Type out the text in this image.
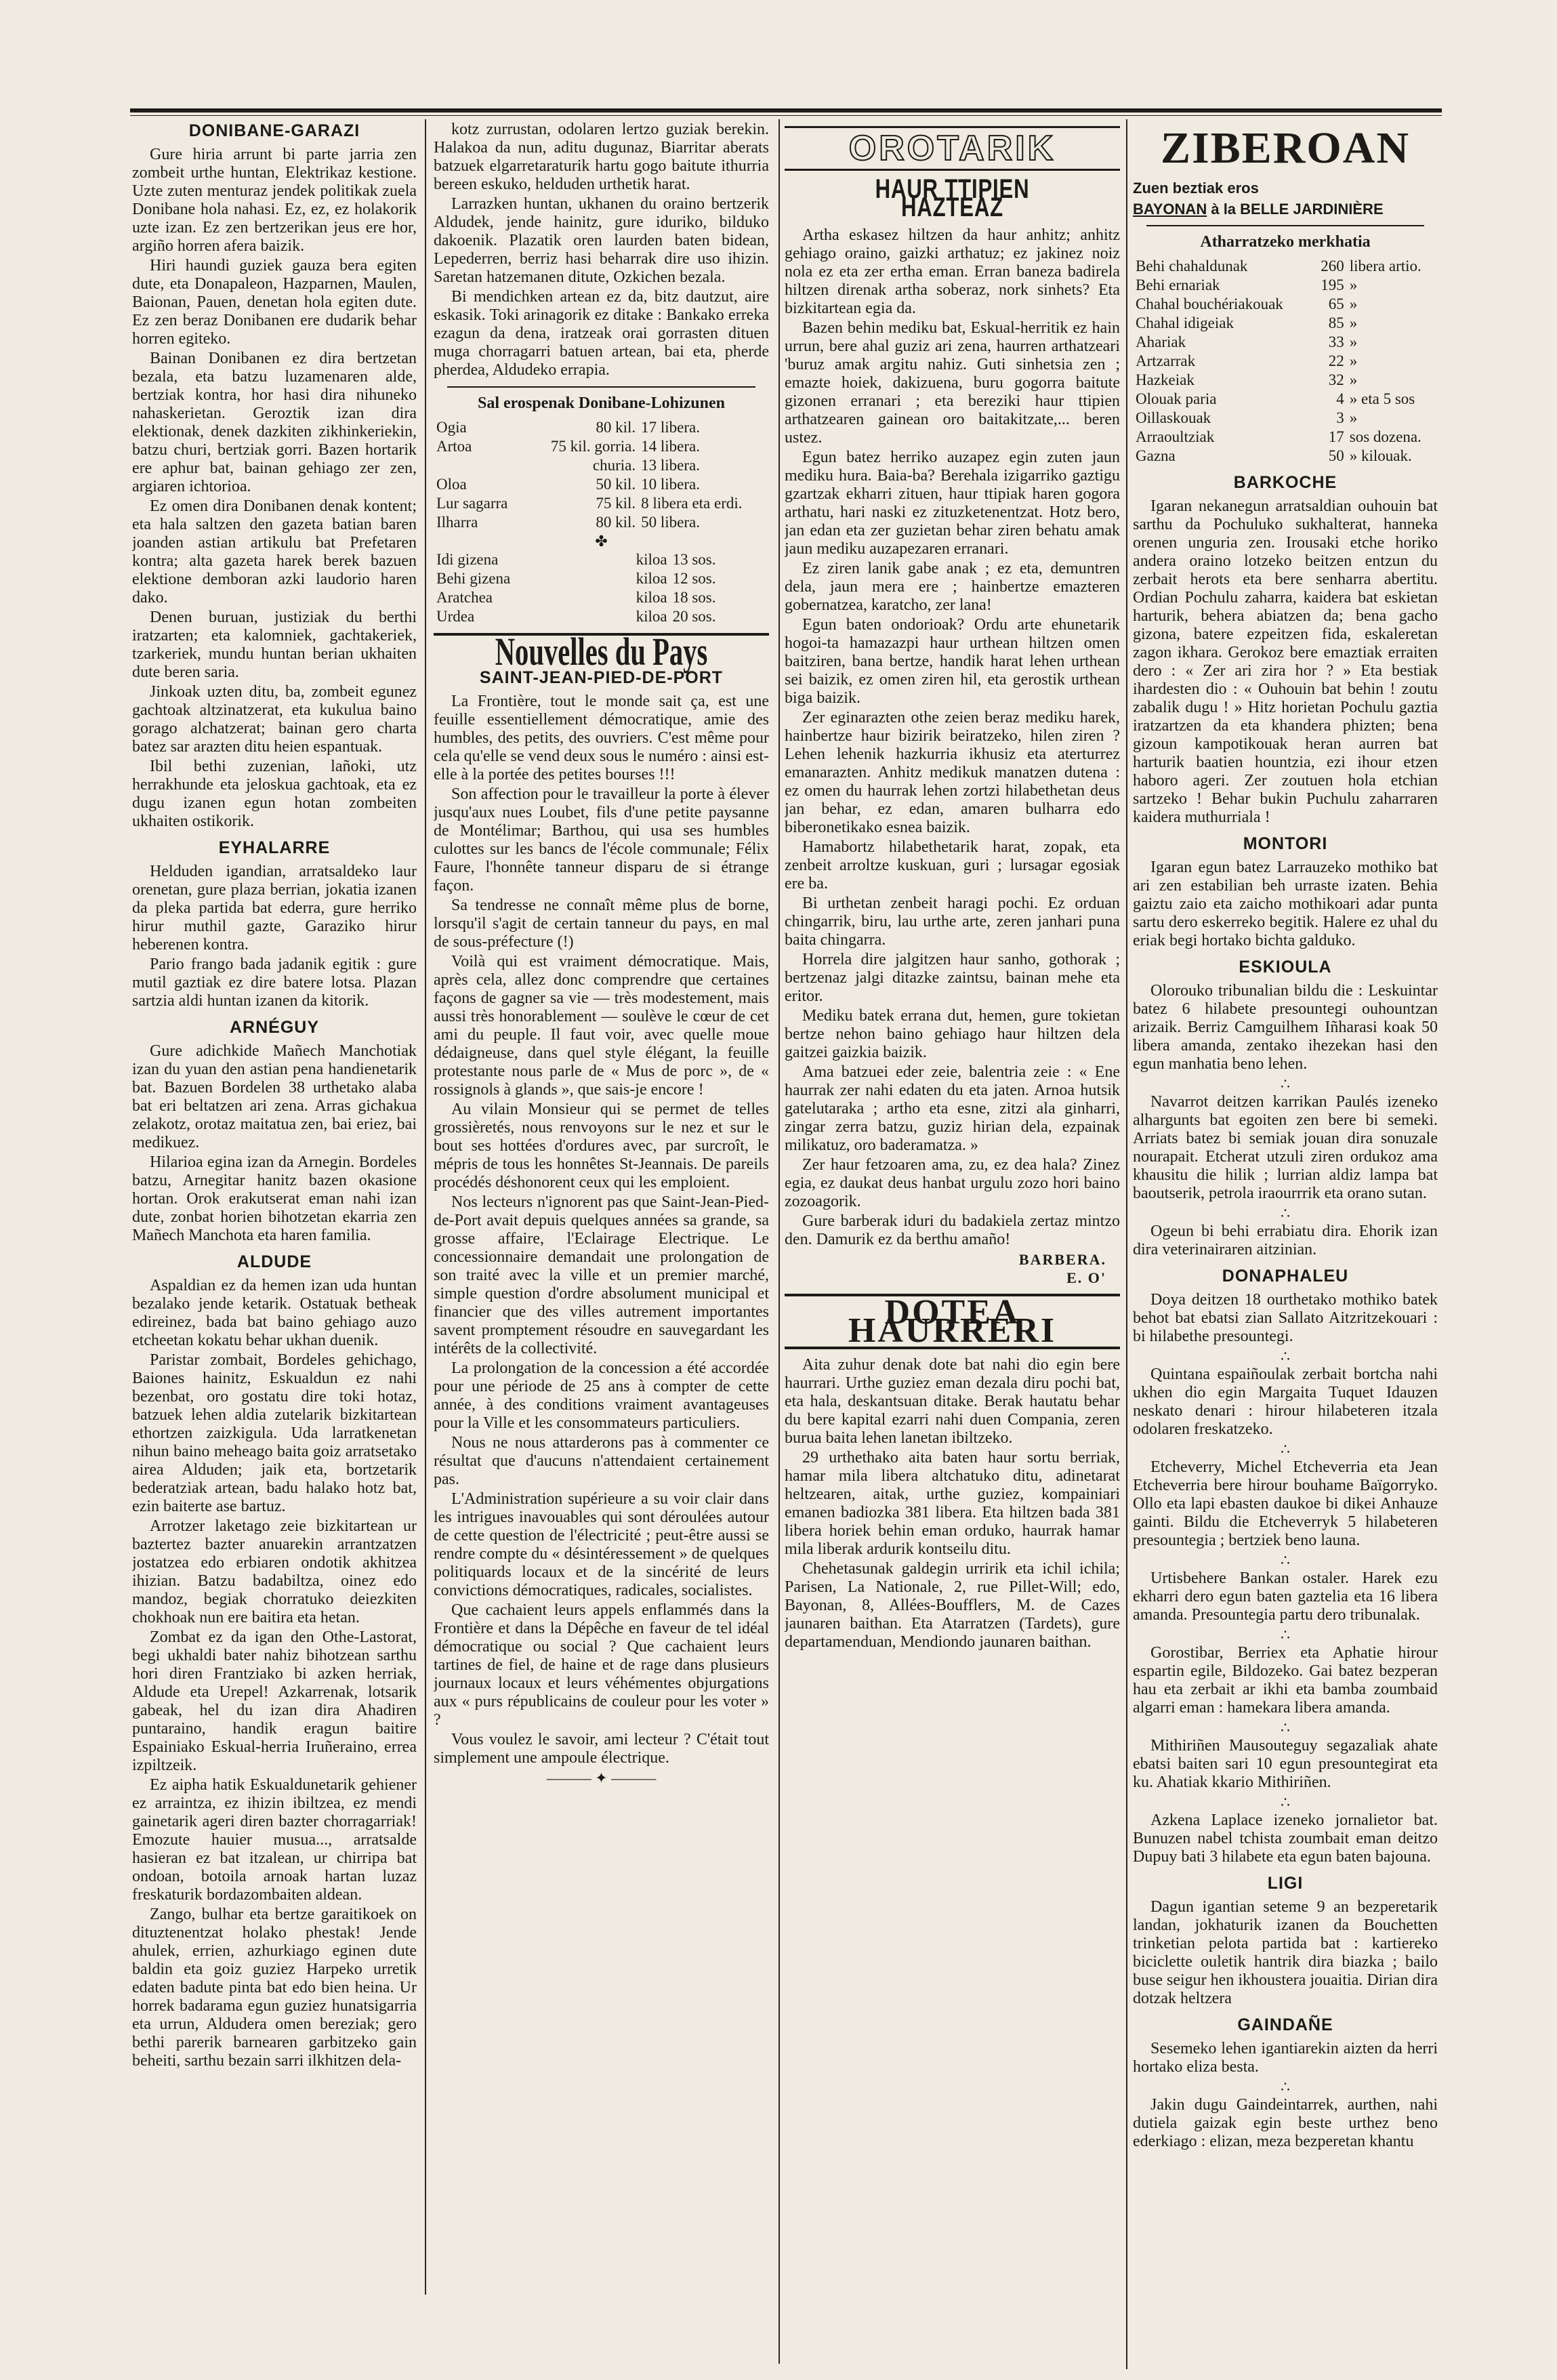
DONIBANE-GARAZI

Gure hiria arrunt bi parte jarria zen zombeit urthe huntan, Elektrikaz kestione. Uzte zuten menturaz jendek politikak zuela Donibane hola nahasi. Ez, ez, ez holakorik uzte izan. Ez zen bertzerikan jeus ere hor, argiño horren afera baizik.

Hiri haundi guziek gauza bera egiten dute, eta Donapaleon, Hazparnen, Maulen, Baionan, Pauen, denetan hola egiten dute. Ez zen beraz Donibanen ere dudarik behar horren egiteko.

Bainan Donibanen ez dira bertzetan bezala, eta batzu luzamenaren alde, bertziak kontra, hor hasi dira nihuneko nahaskerietan. Geroztik izan dira elektionak, denek dazkiten zikhinkeriekin, batzu churi, bertziak gorri. Bazen hortarik ere aphur bat, bainan gehiago zer zen, argiaren ichtorioa.

Ez omen dira Donibanen denak kontent; eta hala saltzen den gazeta batian baren joanden astian artikulu bat Prefetaren kontra; alta gazeta harek berek bazuen elektione demboran azki laudorio haren dako.

Denen buruan, justiziak du berthi iratzarten; eta kalomniek, gachtakeriek, tzarkeriek, mundu huntan berian ukhaiten dute beren saria.

Jinkoak uzten ditu, ba, zombeit egunez gachtoak altzinatzerat, eta kukulua baino gorago alchatzerat; bainan gero charta batez sar arazten ditu heien espantuak.

Ibil bethi zuzenian, lañoki, utz herrakhunde eta jeloskua gachtoak, eta ez dugu izanen egun hotan zombeiten ukhaiten ostikorik.

EYHALARRE

Helduden igandian, arratsaldeko laur orenetan, gure plaza berrian, jokatia izanen da pleka partida bat ederra, gure herriko hirur muthil gazte, Garaziko hirur heberenen kontra.

Pario frango bada jadanik egitik : gure mutil gaztiak ez dire batere lotsa. Plazan sartzia aldi huntan izanen da kitorik.

ARNÉGUY

Gure adichkide Mañech Manchotiak izan du yuan den astian pena handienetarik bat. Bazuen Bordelen 38 urthetako alaba bat eri beltatzen ari zena. Arras gichakua zelakotz, orotaz maitatua zen, bai eriez, bai medikuez.

Hilarioa egina izan da Arnegin. Bordeles batzu, Arnegitar hanitz bazen okasione hortan. Orok erakutserat eman nahi izan dute, zonbat horien bihotzetan ekarria zen Mañech Manchota eta haren familia.

ALDUDE

Aspaldian ez da hemen izan uda huntan bezalako jende ketarik. Ostatuak betheak edireinez, bada bat baino gehiago auzo etcheetan kokatu behar ukhan duenik.

Paristar zombait, Bordeles gehichago, Baiones hainitz, Eskualdun ez nahi bezenbat, oro gostatu dire toki hotaz, batzuek lehen aldia zutelarik bizkitartean ethortzen zaizkigula. Uda larratkenetan nihun baino meheago baita goiz arratsetako airea Alduden; jaik eta, bortzetarik bederatziak artean, badu halako hotz bat, ezin baiterte ase bartuz.

Arrotzer laketago zeie bizkitartean ur baztertez bazter anuarekin arrantzatzen jostatzea edo erbiaren ondotik akhitzea ihizian. Batzu badabiltza, oinez edo mandoz, begiak chorratuko deiezkiten chokhoak nun ere baitira eta hetan.

Zombat ez da igan den Othe-Lastorat, begi ukhaldi bater nahiz bihotzean sarthu hori diren Frantziako bi azken herriak, Aldude eta Urepel! Azkarrenak, lotsarik gabeak, hel du izan dira Ahadiren puntaraino, handik eragun baitire Espainiako Eskual-herria Iruñeraino, errea izpiltzeik.

Ez aipha hatik Eskualdunetarik gehiener ez arraintza, ez ihizin ibiltzea, ez mendi gainetarik ageri diren bazter chorragarriak! Emozute hauier musua..., arratsalde hasieran ez bat itzalean, ur chirripa bat ondoan, botoila arnoak hartan luzaz freskaturik bordazombaiten aldean.

Zango, bulhar eta bertze garaitikoek on dituztenentzat holako phestak! Jende ahulek, errien, azhurkiago eginen dute baldin eta goiz guziez Harpeko urretik edaten badute pinta bat edo bien heina. Ur horrek badarama egun guziez hunatsigarria eta urrun, Aldudera omen bereziak; gero bethi parerik barnearen garbitzeko gain beheiti, sarthu bezain sarri ilkhitzen dela-

kotz zurrustan, odolaren lertzo guziak berekin. Halakoa da nun, aditu dugunaz, Biarritar aberats batzuek elgarretaraturik hartu gogo baitute ithurria bereen eskuko, helduden urthetik harat.

Larrazken huntan, ukhanen du oraino bertzerik Aldudek, jende hainitz, gure iduriko, bilduko dakoenik. Plazatik oren laurden baten bidean, Lepederren, berriz hasi beharrak dire uso ihizin. Saretan hatzemanen ditute, Ozkichen bezala.

Bi mendichken artean ez da, bitz dautzut, aire eskasik. Toki arinagorik ez ditake : Bankako erreka ezagun da dena, iratzeak orai gorrasten dituen muga chorragarri batuen artean, bai eta, pherde pherdea, Aldudeko errapia.

Sal erospenak Donibane-Lohizunen
Ogia	80 kil.	17 libera.
Artoa	75 kil. gorria.	14 libera.
	churia.	13 libera.
Oloa	50 kil.	10 libera.
Lur sagarra	75 kil.	8 libera eta erdi.
Ilharra	80 kil.	50 libera.
✤
Idi gizena	kiloa	13 sos.
Behi gizena	kiloa	12 sos.
Aratchea	kiloa	18 sos.
Urdea	kiloa	20 sos.
Nouvelles du Pays
SAINT-JEAN-PIED-DE-PORT

La Frontière, tout le monde sait ça, est une feuille essentiellement démocratique, amie des humbles, des petits, des ouvriers. C'est même pour cela qu'elle se vend deux sous le numéro : ainsi est-elle à la portée des petites bourses !!!

Son affection pour le travailleur la porte à élever jusqu'aux nues Loubet, fils d'une petite paysanne de Montélimar; Barthou, qui usa ses humbles culottes sur les bancs de l'école communale; Félix Faure, l'honnête tanneur disparu de si étrange façon.

Sa tendresse ne connaît même plus de borne, lorsqu'il s'agit de certain tanneur du pays, en mal de sous-préfecture (!)

Voilà qui est vraiment démocratique. Mais, après cela, allez donc comprendre que certaines façons de gagner sa vie — très modestement, mais aussi très honorablement — soulève le cœur de cet ami du peuple. Il faut voir, avec quelle moue dédaigneuse, dans quel style élégant, la feuille protestante nous parle de « Mus de porc », de « rossignols à glands », que sais-je encore !

Au vilain Monsieur qui se permet de telles grossièretés, nous renvoyons sur le nez et sur le bout ses hottées d'ordures avec, par surcroît, le mépris de tous les honnêtes St-Jeannais. De pareils procédés déshonorent ceux qui les emploient.

Nos lecteurs n'ignorent pas que Saint-Jean-Pied-de-Port avait depuis quelques années sa grande, sa grosse affaire, l'Eclairage Electrique. Le concessionnaire demandait une prolongation de son traité avec la ville et un premier marché, simple question d'ordre absolument municipal et financier que des villes autrement importantes savent promptement résoudre en sauvegardant les intérêts de la collectivité.

La prolongation de la concession a été accordée pour une période de 25 ans à compter de cette année, à des conditions vraiment avantageuses pour la Ville et les consommateurs particuliers.

Nous ne nous attarderons pas à commenter ce résultat que d'aucuns n'attendaient certainement pas.

L'Administration supérieure a su voir clair dans les intrigues inavouables qui sont déroulées autour de cette question de l'électricité ; peut-être aussi se rendre compte du « désintéressement » de quelques politiquards locaux et de la sincérité de leurs convictions démocratiques, radicales, socialistes.

Que cachaient leurs appels enflammés dans la Frontière et dans la Dépêche en faveur de tel idéal démocratique ou social ? Que cachaient leurs tartines de fiel, de haine et de rage dans plusieurs journaux locaux et leurs véhémentes objurgations aux « purs républicains de couleur pour les voter » ?

Vous voulez le savoir, ami lecteur ? C'était tout simplement une ampoule électrique.

——— ✦ ———
OROTARIK
HAUR TTIPIEN HAZTEAZ

Artha eskasez hiltzen da haur anhitz; anhitz gehiago oraino, gaizki arthatuz; ez jakinez noiz nola ez eta zer ertha eman. Erran baneza badirela hiltzen direnak artha soberaz, nork sinhets? Eta bizkitartean egia da.

Bazen behin mediku bat, Eskual-herritik ez hain urrun, bere ahal guziz ari zena, haurren arthatzeari 'buruz amak argitu nahiz. Guti sinhetsia zen ; emazte hoiek, dakizuena, buru gogorra baitute gizonen erranari ; eta bereziki haur ttipien arthatzearen gainean oro baitakitzate,... beren ustez.

Egun batez herriko auzapez egin zuten jaun mediku hura. Baia-ba? Berehala izigarriko gaztigu gzartzak ekharri zituen, haur ttipiak haren gogora arthatu, hari naski ez zituzketenentzat. Hotz bero, jan edan eta zer guzietan behar ziren behatu amak jaun mediku auzapezaren erranari.

Ez ziren lanik gabe anak ; ez eta, demuntren dela, jaun mera ere ; hainbertze emazteren gobernatzea, karatcho, zer lana!

Egun baten ondorioak? Ordu arte ehunetarik hogoi-ta hamazazpi haur urthean hiltzen omen baitziren, bana bertze, handik harat lehen urthean sei baizik, ez omen ziren hil, eta gerostik urthean biga baizik.

Zer eginarazten othe zeien beraz mediku harek, hainbertze haur bizirik beiratzeko, hilen ziren ? Lehen lehenik hazkurria ikhusiz eta aterturrez emanarazten. Anhitz medikuk manatzen dutena : ez omen du haurrak lehen zortzi hilabethetan deus jan behar, ez edan, amaren bulharra edo biberonetikako esnea baizik.

Hamabortz hilabethetarik harat, zopak, eta zenbeit arroltze kuskuan, guri ; lursagar egosiak ere ba.

Bi urthetan zenbeit haragi pochi. Ez orduan chingarrik, biru, lau urthe arte, zeren janhari puna baita chingarra.

Horrela dire jalgitzen haur sanho, gothorak ; bertzenaz jalgi ditazke zaintsu, bainan mehe eta eritor.

Mediku batek errana dut, hemen, gure tokietan bertze nehon baino gehiago haur hiltzen dela gaitzei gaizkia baizik.

Ama batzuei eder zeie, balentria zeie : « Ene haurrak zer nahi edaten du eta jaten. Arnoa hutsik gatelutaraka ; artho eta esne, zitzi ala ginharri, zingar zerra batzu, guziz hirian dela, ezpainak milikatuz, oro baderamatza. »

Zer haur fetzoaren ama, zu, ez dea hala? Zinez egia, ez daukat deus hanbat urgulu zozo hori baino zozoagorik.

Gure barberak iduri du badakiela zertaz mintzo den. Damurik ez da berthu amaño!

BARBERA.
E. O'
DOTEA HAURRERI

Aita zuhur denak dote bat nahi dio egin bere haurrari. Urthe guziez eman dezala diru pochi bat, eta hala, deskantsuan ditake. Berak hautatu behar du bere kapital ezarri nahi duen Compania, zeren burua baita lehen lanetan ibiltzeko.

29 urthethako aita baten haur sortu berriak, hamar mila libera altchatuko ditu, adinetarat heltzearen, aitak, urthe guziez, kompainiari emanen badiozka 381 libera. Eta hiltzen bada 381 libera horiek behin eman orduko, haurrak hamar mila liberak ardurik kontseilu ditu.

Chehetasunak galdegin urririk eta ichil ichila; Parisen, La Nationale, 2, rue Pillet-Will; edo, Bayonan, 8, Allées-Boufflers, M. de Cazes jaunaren baithan. Eta Atarratzen (Tardets), gure departamenduan, Mendiondo jaunaren baithan.

ZIBEROAN
Zuen beztiak eros
BAYONAN à la BELLE JARDINIÈRE
Atharratzeko merkhatia
Behi chahaldunak	260	libera artio.
Behi ernariak	195	»
Chahal bouchériakouak	65	»
Chahal idigeiak	85	»
Ahariak	33	»
Artzarrak	22	»
Hazkeiak	32	»
Olouak paria	4	» eta 5 sos
Oillaskouak	3	»
Arraoultziak	17	sos dozena.
Gazna	50	» kilouak.
BARKOCHE

Igaran nekanegun arratsaldian ouhouin bat sarthu da Pochuluko sukhalterat, hanneka orenen unguria zen. Irousaki etche horiko andera oraino lotzeko beitzen entzun du zerbait herots eta bere senharra abertitu. Ordian Pochulu zaharra, kaidera bat eskietan harturik, behera abiatzen da; bena gacho gizona, batere ezpeitzen fida, eskaleretan zagon ikhara. Gerokoz bere emaztiak erraiten dero : « Zer ari zira hor ? » Eta bestiak ihardesten dio : « Ouhouin bat behin ! zoutu zabalik dugu ! » Hitz horietan Pochulu gaztia iratzartzen da eta khandera phizten; bena gizoun kampotikouak heran aurren bat harturik baatien hountzia, ezi ihour etzen haboro ageri. Zer zoutuen hola etchian sartzeko ! Behar bukin Puchulu zaharraren kaidera muthurriala !

MONTORI

Igaran egun batez Larrauzeko mothiko bat ari zen estabilian beh urraste izaten. Behia gaiztu zaio eta zaicho mothikoari adar punta sartu dero eskerreko begitik. Halere ez uhal du eriak begi hortako bichta galduko.

ESKIOULA

Olorouko tribunalian bildu die : Leskuintar batez 6 hilabete presountegi ouhountzan arizaik. Berriz Camguilhem Iñharasi koak 50 libera amanda, zentako ihezekan hasi den egun manhatia beno lehen.

∴

Navarrot deitzen karrikan Paulés izeneko alhargunts bat egoiten zen bere bi semeki. Arriats batez bi semiak jouan dira sonuzale nourapait. Etcherat utzuli ziren ordukoz ama khausitu die hilik ; lurrian aldiz lampa bat baoutserik, petrola iraourrrik eta orano sutan.

∴

Ogeun bi behi errabiatu dira. Ehorik izan dira veterinairaren aitzinian.

DONAPHALEU

Doya deitzen 18 ourthetako mothiko batek behot bat ebatsi zian Sallato Aitzritzekouari : bi hilabethe presountegi.

∴

Quintana espaiñoulak zerbait bortcha nahi ukhen dio egin Margaita Tuquet Idauzen neskato denari : hirour hilabeteren itzala odolaren freskatzeko.

∴

Etcheverry, Michel Etcheverria eta Jean Etcheverria bere hirour bouhame Baïgorryko. Ollo eta lapi ebasten daukoe bi dikei Anhauze gainti. Bildu die Etcheverryk 5 hilabeteren presountegia ; bertziek beno launa.

∴

Urtisbehere Bankan ostaler. Harek ezu ekharri dero egun baten gaztelia eta 16 libera amanda. Presountegia partu dero tribunalak.

∴

Gorostibar, Berriex eta Aphatie hirour espartin egile, Bildozeko. Gai batez bezperan hau eta zerbait ar ikhi eta bamba zoumbaid algarri eman : hamekara libera amanda.

∴

Mithiriñen Mausouteguy segazaliak ahate ebatsi baiten sari 10 egun presountegirat eta ku. Ahatiak kkario Mithiriñen.

∴

Azkena Laplace izeneko jornalietor bat. Bunuzen nabel tchista zoumbait eman deitzo Dupuy bati 3 hilabete eta egun baten bajouna.

LIGI

Dagun igantian seteme 9 an bezperetarik landan, jokhaturik izanen da Bouchetten trinketian pelota partida bat : kartiereko biciclette ouletik hantrik dira biazka ; bailo buse seigur hen ikhoustera jouaitia. Dirian dira dotzak heltzera

GAINDAÑE

Sesemeko lehen igantiarekin aizten da herri hortako eliza besta.

∴

Jakin dugu Gaindeintarrek, aurthen, nahi dutiela gaizak egin beste urthez beno ederkiago : elizan, meza bezperetan khantu
